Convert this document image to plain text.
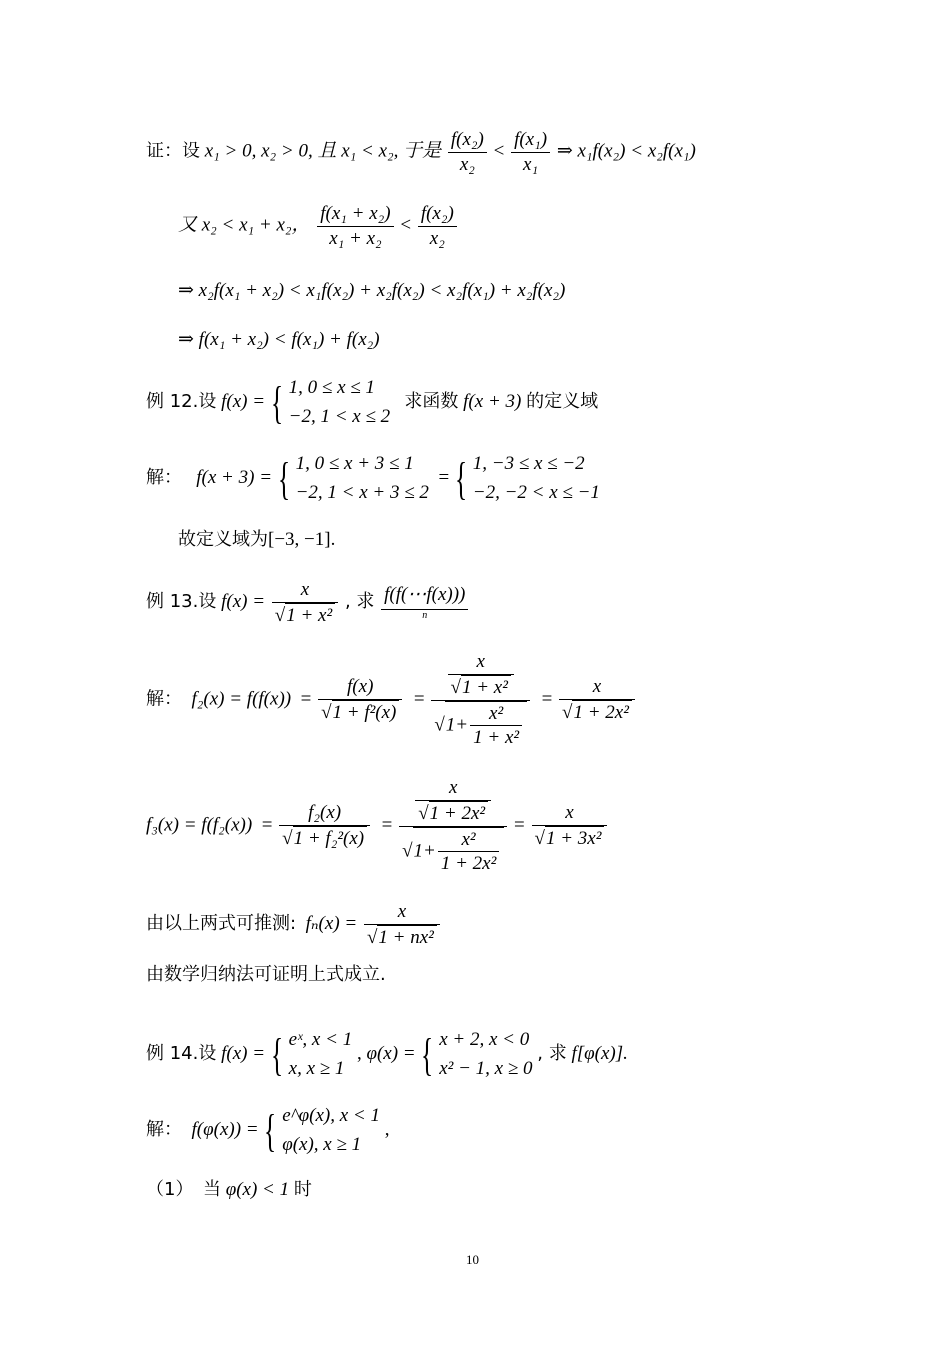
证：设 x₁ > 0, x₂ > 0, 且 x₁ < x₂, 于是 $\frac{\text{f(x₂)}}{\text{x₂}} < \frac{\text{f(x₁)}}{\text{x₁}}$ ⇒ x₁f(x₂) < x₂f(x₁)
又 x₂ < x₁ + x₂， $\frac{\text{f(x₁ + x₂)}}{\text{x₁ + x₂}} < \frac{\text{f(x₂)}}{\text{x₂}}$
⇒ x₂f(x₁ + x₂) < x₁f(x₂) + x₂f(x₂) < x₂f(x₁) + x₂f(x₂)
⇒ f(x₁ + x₂) < f(x₁) + f(x₂)
例 12.设 f(x) = { 1, 0 ≤ x ≤ 1
−2, 1 < x ≤ 2
求函数 f(x + 3) 的定义域
解： f(x + 3) = { 1, 0 ≤ x + 3 ≤ 1
−2, 1 < x + 3 ≤ 2
= { 1, −3 ≤ x ≤ −2
−2, −2 < x ≤ −1
故定义域为[−3, −1].
例 13.设 $f(x) = \frac{x}{\text{√1 + x²}}$ , 求 f(f(⋯f(x)))
n
解： $f_2(x) = f(f(x)) = \frac{f(x)}{\text{√1 + f²(x)}} = \frac{\frac{x}{\text{√1 + x²}}}{√1+ \frac{\text{x²}}{\text{1 + x²}}} = \frac{x}{\text{√1 + 2x²}}$
$f_3(x) = f(f_2(x)) = \frac{\text{f₂(x)}}{\text{√1 + f₂²(x)}} = \frac{\frac{x}{\text{√1 + 2x²}}}{√1+ \frac{\text{x²}}{\text{1 + 2x²}}} = \frac{x}{\text{√1 + 3x²}}$
由以上两式可推测: $f_n(x) = \frac{x}{\text{√1 + nx²}}$
由数学归纳法可证明上式成立.
例 14.设 f(x) = { eˣ, x < 1
x, x ≥ 1
, φ(x) = { x + 2, x < 0
x² − 1, x ≥ 0
, 求 f[φ(x)].
解： f(φ(x)) = { e^φ(x), x < 1
φ(x), x ≥ 1
,
（1） 当 φ(x) < 1 时
10
